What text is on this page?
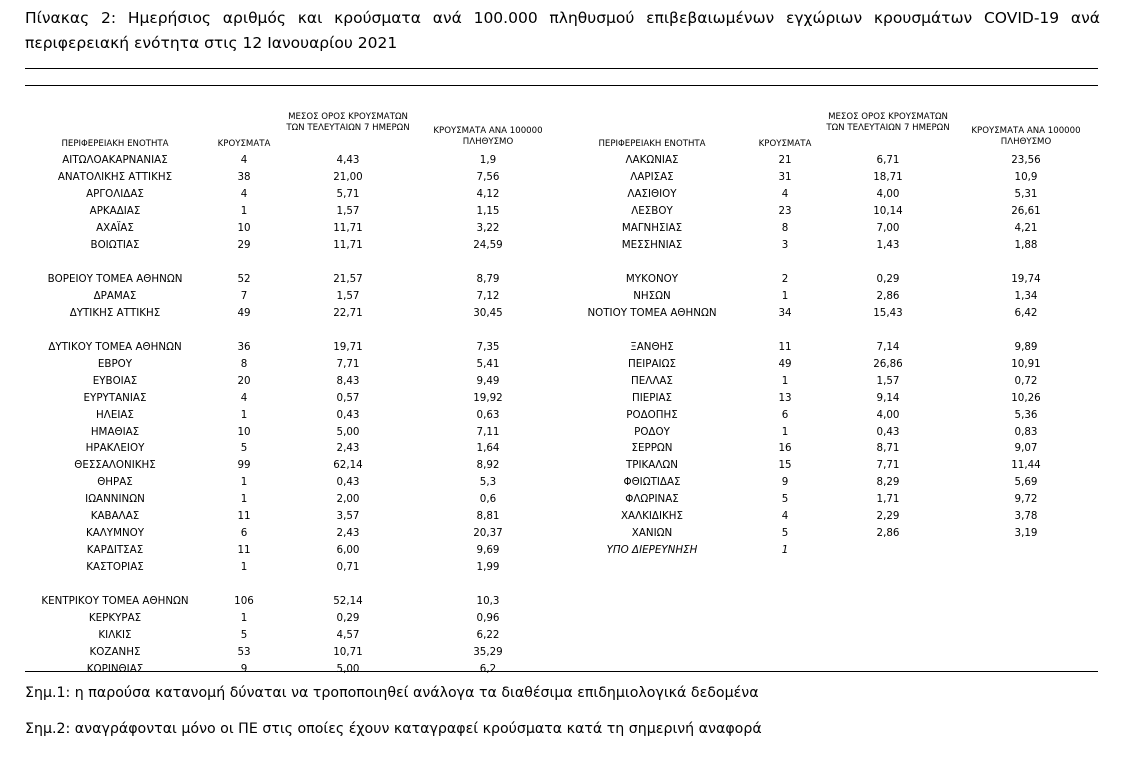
Πίνακας 2: Ημερήσιος αριθμός και κρούσματα ανά 100.000 πληθυσμού επιβεβαιωμένων εγχώριων κρουσμάτων COVID-19 ανά περιφερειακή ενότητα στις 12 Ιανουαρίου 2021
ΠΕΡΙΦΕΡΕΙΑΚΗ ΕΝΟΤΗΤΑ	ΚΡΟΥΣΜΑΤΑ
ΜΕΣΟΣ ΟΡΟΣ ΚΡΟΥΣΜΑΤΩΝ ΤΩΝ ΤΕΛΕΥΤΑΙΩΝ 7 ΗΜΕΡΩΝ	ΚΡΟΥΣΜΑΤΑ ΑΝΑ 100000 ΠΛΗΘΥΣΜΟ
ΑΙΤΩΛΟΑΚΑΡΝΑΝΙΑΣ	4	4,43	1,9
ΑΝΑΤΟΛΙΚΗΣ ΑΤΤΙΚΗΣ	38	21,00	7,56
ΑΡΓΟΛΙΔΑΣ	4	5,71	4,12
ΑΡΚΑΔΙΑΣ	1	1,57	1,15
ΑΧΑΪΑΣ	10	11,71	3,22
ΒΟΙΩΤΙΑΣ	29	11,71	24,59
ΒΟΡΕΙΟΥ ΤΟΜΕΑ ΑΘΗΝΩΝ	52	21,57	8,79
ΔΡΑΜΑΣ	7	1,57	7,12
ΔΥΤΙΚΗΣ ΑΤΤΙΚΗΣ	49	22,71	30,45
ΔΥΤΙΚΟΥ ΤΟΜΕΑ ΑΘΗΝΩΝ	36	19,71	7,35
ΕΒΡΟΥ	8	7,71	5,41
ΕΥΒΟΙΑΣ	20	8,43	9,49
ΕΥΡΥΤΑΝΙΑΣ	4	0,57	19,92
ΗΛΕΙΑΣ	1	0,43	0,63
ΗΜΑΘΙΑΣ	10	5,00	7,11
ΗΡΑΚΛΕΙΟΥ	5	2,43	1,64
ΘΕΣΣΑΛΟΝΙΚΗΣ	99	62,14	8,92
ΘΗΡΑΣ	1	0,43	5,3
ΙΩΑΝΝΙΝΩΝ	1	2,00	0,6
ΚΑΒΑΛΑΣ	11	3,57	8,81
ΚΑΛΥΜΝΟΥ	6	2,43	20,37
ΚΑΡΔΙΤΣΑΣ	11	6,00	9,69
ΚΑΣΤΟΡΙΑΣ	1	0,71	1,99
ΚΕΝΤΡΙΚΟΥ ΤΟΜΕΑ ΑΘΗΝΩΝ	106	52,14	10,3
ΚΕΡΚΥΡΑΣ	1	0,29	0,96
ΚΙΛΚΙΣ	5	4,57	6,22
ΚΟΖΑΝΗΣ	53	10,71	35,29
ΚΟΡΙΝΘΙΑΣ	9	5,00	6,2
ΠΕΡΙΦΕΡΕΙΑΚΗ ΕΝΟΤΗΤΑ	ΚΡΟΥΣΜΑΤΑ
ΜΕΣΟΣ ΟΡΟΣ ΚΡΟΥΣΜΑΤΩΝ ΤΩΝ ΤΕΛΕΥΤΑΙΩΝ 7 ΗΜΕΡΩΝ	ΚΡΟΥΣΜΑΤΑ ΑΝΑ 100000 ΠΛΗΘΥΣΜΟ
ΛΑΚΩΝΙΑΣ	21	6,71	23,56
ΛΑΡΙΣΑΣ	31	18,71	10,9
ΛΑΣΙΘΙΟΥ	4	4,00	5,31
ΛΕΣΒΟΥ	23	10,14	26,61
ΜΑΓΝΗΣΙΑΣ	8	7,00	4,21
ΜΕΣΣΗΝΙΑΣ	3	1,43	1,88
ΜΥΚΟΝΟΥ	2	0,29	19,74
ΝΗΣΩΝ	1	2,86	1,34
ΝΟΤΙΟΥ ΤΟΜΕΑ ΑΘΗΝΩΝ	34	15,43	6,42
ΞΑΝΘΗΣ	11	7,14	9,89
ΠΕΙΡΑΙΩΣ	49	26,86	10,91
ΠΕΛΛΑΣ	1	1,57	0,72
ΠΙΕΡΙΑΣ	13	9,14	10,26
ΡΟΔΟΠΗΣ	6	4,00	5,36
ΡΟΔΟΥ	1	0,43	0,83
ΣΕΡΡΩΝ	16	8,71	9,07
ΤΡΙΚΑΛΩΝ	15	7,71	11,44
ΦΘΙΩΤΙΔΑΣ	9	8,29	5,69
ΦΛΩΡΙΝΑΣ	5	1,71	9,72
ΧΑΛΚΙΔΙΚΗΣ	4	2,29	3,78
ΧΑΝΙΩΝ	5	2,86	3,19
ΥΠΟ ΔΙΕΡΕΥΝΗΣΗ	1
Σημ.1: η παρούσα κατανομή δύναται να τροποποιηθεί ανάλογα τα διαθέσιμα επιδημιολογικά δεδομένα
Σημ.2: αναγράφονται μόνο οι ΠΕ στις οποίες έχουν καταγραφεί κρούσματα κατά τη σημερινή αναφορά
